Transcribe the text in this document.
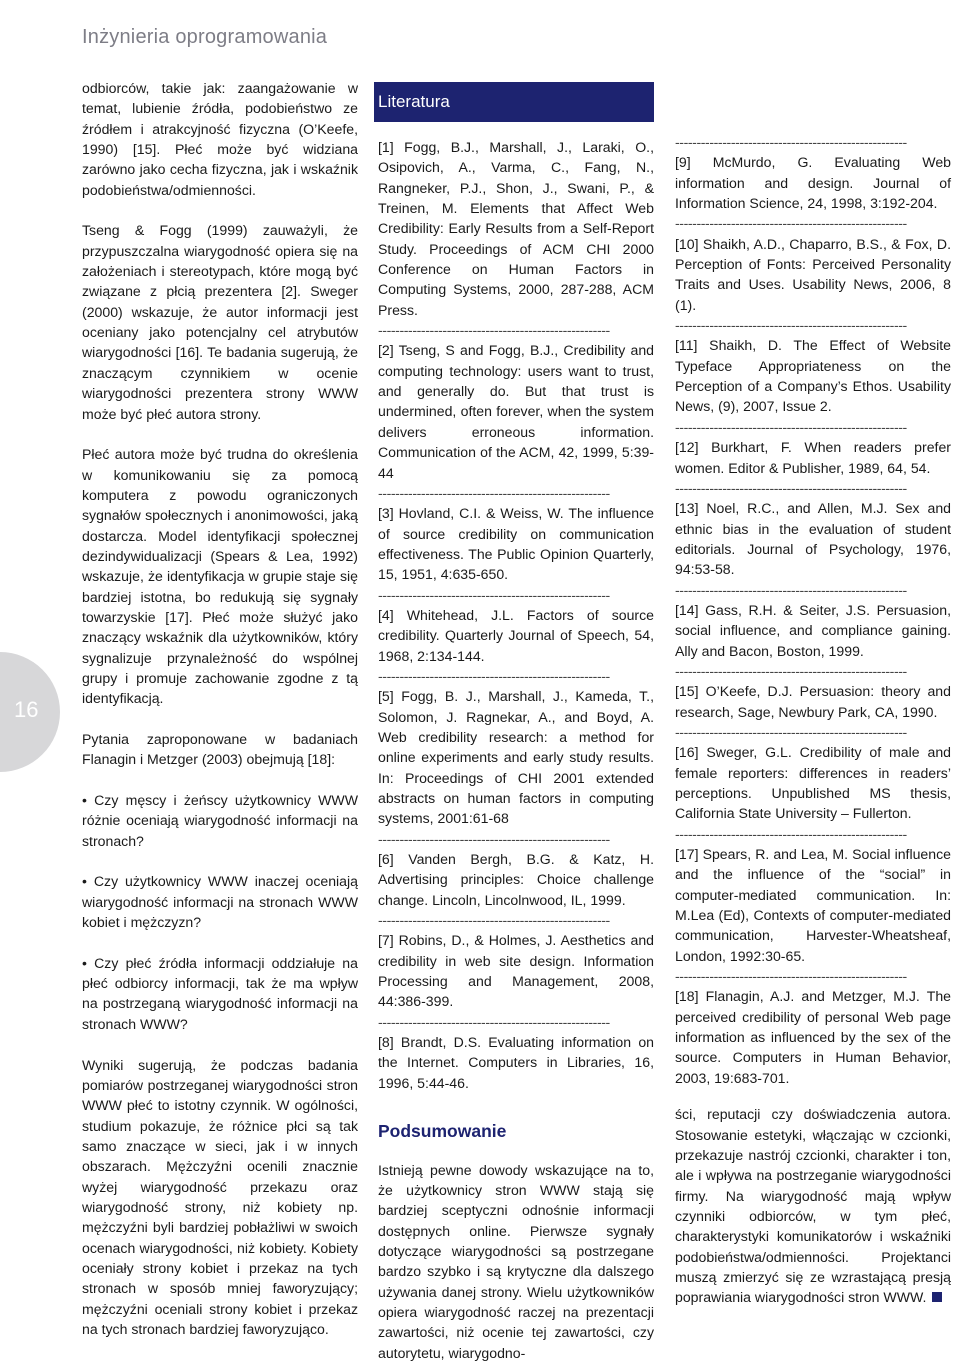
Inżynieria oprogramowania
16

odbiorców, takie jak: zaangażowanie w temat, lubienie źródła, podobieństwo ze źródłem i atrakcyjność fizyczna (O’Keefe, 1990) [15]. Płeć może być widziana zarówno jako cecha fizyczna, jak i wskaźnik podobieństwa/odmienności.

Tseng & Fogg (1999) zauważyli, że przypuszczalna wiarygodność opiera się na założeniach i stereotypach, które mogą być związane z płcią prezentera [2]. Sweger (2000) wskazuje, że autor informacji jest oceniany jako potencjalny cel atrybutów wiarygodności [16]. Te badania sugerują, że znaczącym czynnikiem w ocenie wiarygodności prezentera strony WWW może być płeć autora strony.

Płeć autora może być trudna do określenia w komunikowaniu się za pomocą komputera z powodu ograniczonych sygnałów społecznych i anonimowości, jaką dostarcza. Model identyfikacji społecznej dezindywidualizacji (Spears & Lea, 1992) wskazuje, że identyfikacja w grupie staje się bardziej istotna, bo redukują się sygnały towarzyskie [17]. Płeć może służyć jako znaczący wskaźnik dla użytkowników, który sygnalizuje przynależność do wspólnej grupy i promuje zachowanie zgodne z tą identyfikacją.

Pytania zaproponowane w badaniach Flanagin i Metzger (2003) obejmują [18]:

• Czy męscy i żeńscy użytkownicy WWW różnie oceniają wiarygodność informacji na stronach?

• Czy użytkownicy WWW inaczej oceniają wiarygodność informacji na stronach WWW kobiet i mężczyzn?

• Czy płeć źródła informacji oddziałuje na płeć odbiorcy informacji, tak że ma wpływ na postrzeganą wiarygodność informacji na stronach WWW?

Wyniki sugerują, że podczas badania pomiarów postrzeganej wiarygodności stron WWW płeć to istotny czynnik. W ogólności, studium pokazuje, że różnice płci są tak samo znaczące w sieci, jak i w innych obszarach. Mężczyźni ocenili znacznie wyżej wiarygodność przekazu oraz wiarygodność strony, niż kobiety np. mężczyźni byli bardziej pobłażliwi w swoich ocenach wiarygodności, niż kobiety. Kobiety oceniały strony kobiet i przekaz na tych stronach w sposób mniej faworyzujący; mężczyźni oceniali strony kobiet i przekaz na tych stronach bardziej faworyzująco.

Literatura
[1] Fogg, B.J., Marshall, J., Laraki, O., Osipovich, A., Varma, C., Fang, N., Rangneker, P.J., Shon, J., Swani, P., & Treinen, M. Elements that Affect Web Credibility: Early Results from a Self-Report Study. Proceedings of ACM CHI 2000 Conference on Human Factors in Computing Systems, 2000, 287-288, ACM Press.
------------------------------------------------------
[2] Tseng, S and Fogg, B.J., Credibility and computing technology: users want to trust, and generally do. But that trust is undermined, often forever, when the system delivers erroneous information. Communication of the ACM, 42, 1999, 5:39-44
------------------------------------------------------
[3] Hovland, C.I. & Weiss, W. The influence of source credibility on communication effectiveness. The Public Opinion Quarterly, 15, 1951, 4:635-650.
------------------------------------------------------
[4] Whitehead, J.L. Factors of source credibility. Quarterly Journal of Speech, 54, 1968, 2:134-144.
------------------------------------------------------
[5] Fogg, B. J., Marshall, J., Kameda, T., Solomon, J. Ragnekar, A., and Boyd, A. Web credibility research: a method for online experiments and early study results. In: Proceedings of CHI 2001 extended abstracts on human factors in computing systems, 2001:61-68
------------------------------------------------------
[6] Vanden Bergh, B.G. & Katz, H. Advertising principles: Choice challenge change. Lincoln, Lincolnwood, IL, 1999.
------------------------------------------------------
[7] Robins, D., & Holmes, J. Aesthetics and credibility in web site design. Information Processing and Management, 2008, 44:386-399.
------------------------------------------------------
[8] Brandt, D.S. Evaluating information on the Internet. Computers in Libraries, 16, 1996, 5:44-46.
Podsumowanie

Istnieją pewne dowody wskazujące na to, że użytkownicy stron WWW stają się bardziej sceptyczni odnośnie informacji dostępnych online. Pierwsze sygnały dotyczące wiarygodności są postrzegane bardzo szybko i są krytyczne dla dalszego używania danej strony. Wielu użytkowników opiera wiarygodność raczej na prezentacji zawartości, niż ocenie tej zawartości, czy autorytetu, wiarygodno-

------------------------------------------------------
[9] McMurdo, G. Evaluating Web information and design. Journal of Information Science, 24, 1998, 3:192-204.
------------------------------------------------------
[10] Shaikh, A.D., Chaparro, B.S., & Fox, D. Perception of Fonts: Perceived Personality Traits and Uses. Usability News, 2006, 8 (1).
------------------------------------------------------
[11] Shaikh, D. The Effect of Website Typeface Appropriateness on the Perception of a Company’s Ethos. Usability News, (9), 2007, Issue 2.
------------------------------------------------------
[12] Burkhart, F. When readers prefer women. Editor & Publisher, 1989, 64, 54.
------------------------------------------------------
[13] Noel, R.C., and Allen, M.J. Sex and ethnic bias in the evaluation of student editorials. Journal of Psychology, 1976, 94:53-58.
------------------------------------------------------
[14] Gass, R.H. & Seiter, J.S. Persuasion, social influence, and compliance gaining. Ally and Bacon, Boston, 1999.
------------------------------------------------------
[15] O’Keefe, D.J. Persuasion: theory and research, Sage, Newbury Park, CA, 1990.
------------------------------------------------------
[16] Sweger, G.L. Credibility of male and female reporters: differences in readers’ perceptions. Unpublished MS thesis, California State University – Fullerton.
------------------------------------------------------
[17] Spears, R. and Lea, M. Social influence and the influence of the “social” in computer-mediated communication. In: M.Lea (Ed), Contexts of computer-mediated communication, Harvester-Wheatsheaf, London, 1992:30-65.
------------------------------------------------------
[18] Flanagin, A.J. and Metzger, M.J. The perceived credibility of personal Web page information as influenced by the sex of the source. Computers in Human Behavior, 2003, 19:683-701.

ści, reputacji czy doświadczenia autora. Stosowanie estetyki, włączając w czcionki, przekazuje nastrój czcionki, charakter i ton, ale i wpływa na postrzeganie wiarygodności firmy. Na wiarygodność mają wpływ czynniki odbiorców, w tym płeć, charakterystyki komunikatorów i wskaźniki podobieństwa/odmienności. Projektanci muszą zmierzyć się ze wzrastającą presją poprawiania wiarygodności stron WWW.
